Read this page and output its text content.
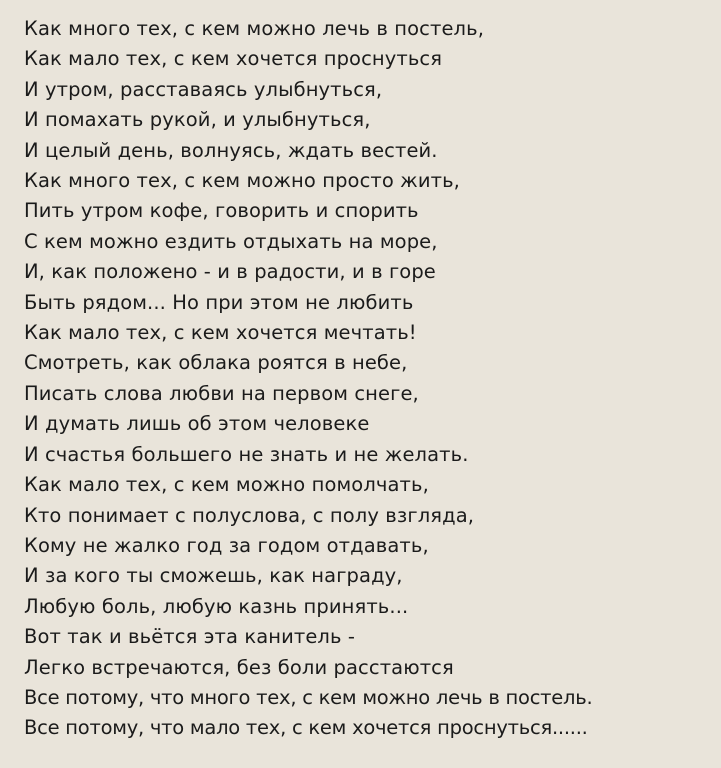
Как много тех, с кем можно лечь в постель,
Как мало тех, с кем хочется проснуться
И утром, расставаясь улыбнуться,
И помахать рукой, и улыбнуться,
И целый день, волнуясь, ждать вестей.
Как много тех, с кем можно просто жить,
Пить утром кофе, говорить и спорить
С кем можно ездить отдыхать на море,
И, как положено - и в радости, и в горе
Быть рядом... Но при этом не любить
Как мало тех, с кем хочется мечтать!
Смотреть, как облака роятся в небе,
Писать слова любви на первом снеге,
И думать лишь об этом человеке
И счастья большего не знать и не желать.
Как мало тех, с кем можно помолчать,
Кто понимает с полуслова, с полу взгляда,
Кому не жалко год за годом отдавать,
И за кого ты сможешь, как награду,
Любую боль, любую казнь принять...
Вот так и вьётся эта канитель -
Легко встречаются, без боли расстаются
Все потому, что много тех, с кем можно лечь в постель.
Все потому, что мало тех, с кем хочется проснуться......
